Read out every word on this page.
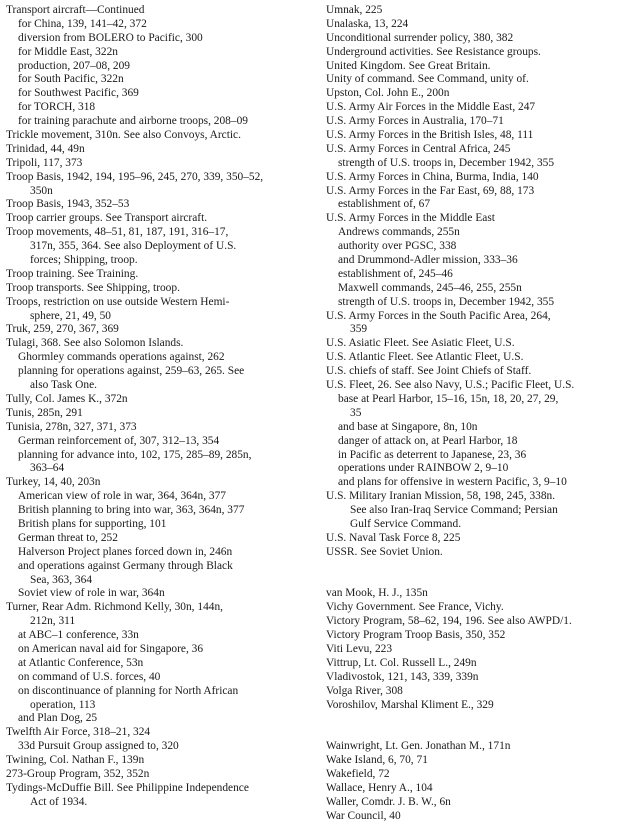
Transport aircraft—Continued
for China, 139, 141–42, 372
diversion from BOLERO to Pacific, 300
for Middle East, 322n
production, 207–08, 209
for South Pacific, 322n
for Southwest Pacific, 369
for TORCH, 318
for training parachute and airborne troops, 208–09
Trickle movement, 310n. See also Convoys, Arctic.
Trinidad, 44, 49n
Tripoli, 117, 373
Troop Basis, 1942, 194, 195–96, 245, 270, 339, 350–52,
350n
Troop Basis, 1943, 352–53
Troop carrier groups. See Transport aircraft.
Troop movements, 48–51, 81, 187, 191, 316–17,
317n, 355, 364. See also Deployment of U.S.
forces; Shipping, troop.
Troop training. See Training.
Troop transports. See Shipping, troop.
Troops, restriction on use outside Western Hemi-
sphere, 21, 49, 50
Truk, 259, 270, 367, 369
Tulagi, 368. See also Solomon Islands.
Ghormley commands operations against, 262
planning for operations against, 259–63, 265. See
also Task One.
Tully, Col. James K., 372n
Tunis, 285n, 291
Tunisia, 278n, 327, 371, 373
German reinforcement of, 307, 312–13, 354
planning for advance into, 102, 175, 285–89, 285n,
363–64
Turkey, 14, 40, 203n
American view of role in war, 364, 364n, 377
British planning to bring into war, 363, 364n, 377
British plans for supporting, 101
German threat to, 252
Halverson Project planes forced down in, 246n
and operations against Germany through Black
Sea, 363, 364
Soviet view of role in war, 364n
Turner, Rear Adm. Richmond Kelly, 30n, 144n,
212n, 311
at ABC–1 conference, 33n
on American naval aid for Singapore, 36
at Atlantic Conference, 53n
on command of U.S. forces, 40
on discontinuance of planning for North African
operation, 113
and Plan Dog, 25
Twelfth Air Force, 318–21, 324
33d Pursuit Group assigned to, 320
Twining, Col. Nathan F., 139n
273-Group Program, 352, 352n
Tydings-McDuffie Bill. See Philippine Independence
Act of 1934.
Umnak, 225
Unalaska, 13, 224
Unconditional surrender policy, 380, 382
Underground activities. See Resistance groups.
United Kingdom. See Great Britain.
Unity of command. See Command, unity of.
Upston, Col. John E., 200n
U.S. Army Air Forces in the Middle East, 247
U.S. Army Forces in Australia, 170–71
U.S. Army Forces in the British Isles, 48, 111
U.S. Army Forces in Central Africa, 245
strength of U.S. troops in, December 1942, 355
U.S. Army Forces in China, Burma, India, 140
U.S. Army Forces in the Far East, 69, 88, 173
establishment of, 67
U.S. Army Forces in the Middle East
Andrews commands, 255n
authority over PGSC, 338
and Drummond-Adler mission, 333–36
establishment of, 245–46
Maxwell commands, 245–46, 255, 255n
strength of U.S. troops in, December 1942, 355
U.S. Army Forces in the South Pacific Area, 264,
359
U.S. Asiatic Fleet. See Asiatic Fleet, U.S.
U.S. Atlantic Fleet. See Atlantic Fleet, U.S.
U.S. chiefs of staff. See Joint Chiefs of Staff.
U.S. Fleet, 26. See also Navy, U.S.; Pacific Fleet, U.S.
base at Pearl Harbor, 15–16, 15n, 18, 20, 27, 29,
35
and base at Singapore, 8n, 10n
danger of attack on, at Pearl Harbor, 18
in Pacific as deterrent to Japanese, 23, 36
operations under RAINBOW 2, 9–10
and plans for offensive in western Pacific, 3, 9–10
U.S. Military Iranian Mission, 58, 198, 245, 338n.
See also Iran-Iraq Service Command; Persian
Gulf Service Command.
U.S. Naval Task Force 8, 225
USSR. See Soviet Union.
van Mook, H. J., 135n
Vichy Government. See France, Vichy.
Victory Program, 58–62, 194, 196. See also AWPD/1.
Victory Program Troop Basis, 350, 352
Viti Levu, 223
Vittrup, Lt. Col. Russell L., 249n
Vladivostok, 121, 143, 339, 339n
Volga River, 308
Voroshilov, Marshal Kliment E., 329
Wainwright, Lt. Gen. Jonathan M., 171n
Wake Island, 6, 70, 71
Wakefield, 72
Wallace, Henry A., 104
Waller, Comdr. J. B. W., 6n
War Council, 40
